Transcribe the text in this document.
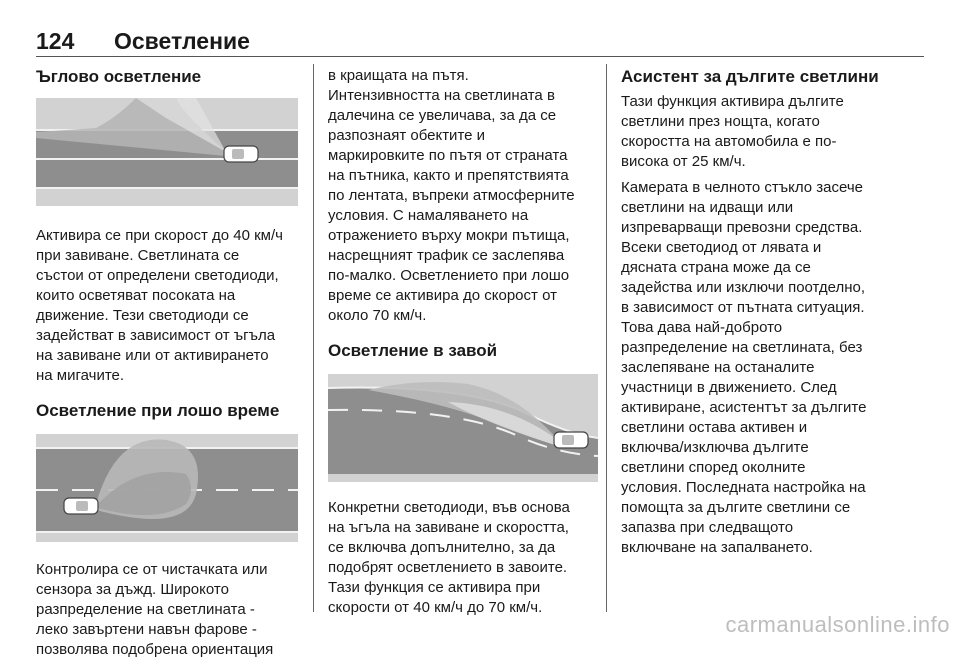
124 Осветление
Ъглово осветление

Активира се при скорост до 40 км/ч
при завиване. Светлината се
състои от определени светодиоди,
които осветяват посоката на
движение. Тези светодиоди се
задействат в зависимост от ъгъла
на завиване или от активирането
на мигачите.

Осветление при лошо време

Контролира се от чистачката или
сензора за дъжд. Широкото
разпределение на светлината -
леко завъртени навън фарове -
позволява подобрена ориентация

в краищата на пътя.
Интензивността на светлината в
далечина се увеличава, за да се
разпознаят обектите и
маркировките по пътя от страната
на пътника, както и препятствията
по лентата, въпреки атмосферните
условия. С намаляването на
отражението върху мокри пътища,
насрещният трафик се заслепява
по-малко. Осветлението при лошо
време се активира до скорост от
около 70 км/ч.

Осветление в завой

Конкретни светодиоди, във основа
на ъгъла на завиване и скоростта,
се включва допълнително, за да
подобрят осветлението в завоите.
Тази функция се активира при
скорости от 40 км/ч до 70 км/ч.

Асистент за дългите светлини

Тази функция активира дългите
светлини през нощта, когато
скоростта на автомобила е по-
висока от 25 км/ч.

Камерата в челното стъкло засече
светлини на идващи или
изпреварващи превозни средства.
Всеки светодиод от лявата и
дясната страна може да се
задейства или изключи поотделно,
в зависимост от пътната ситуация.
Това дава най-доброто
разпределение на светлината, без
заслепяване на останалите
участници в движението. След
активиране, асистентът за дългите
светлини остава активен и
включва/изключва дългите
светлини според околните
условия. Последната настройка на
помощта за дългите светлини се
запазва при следващото
включване на запалването.

carmanualsonline.info
